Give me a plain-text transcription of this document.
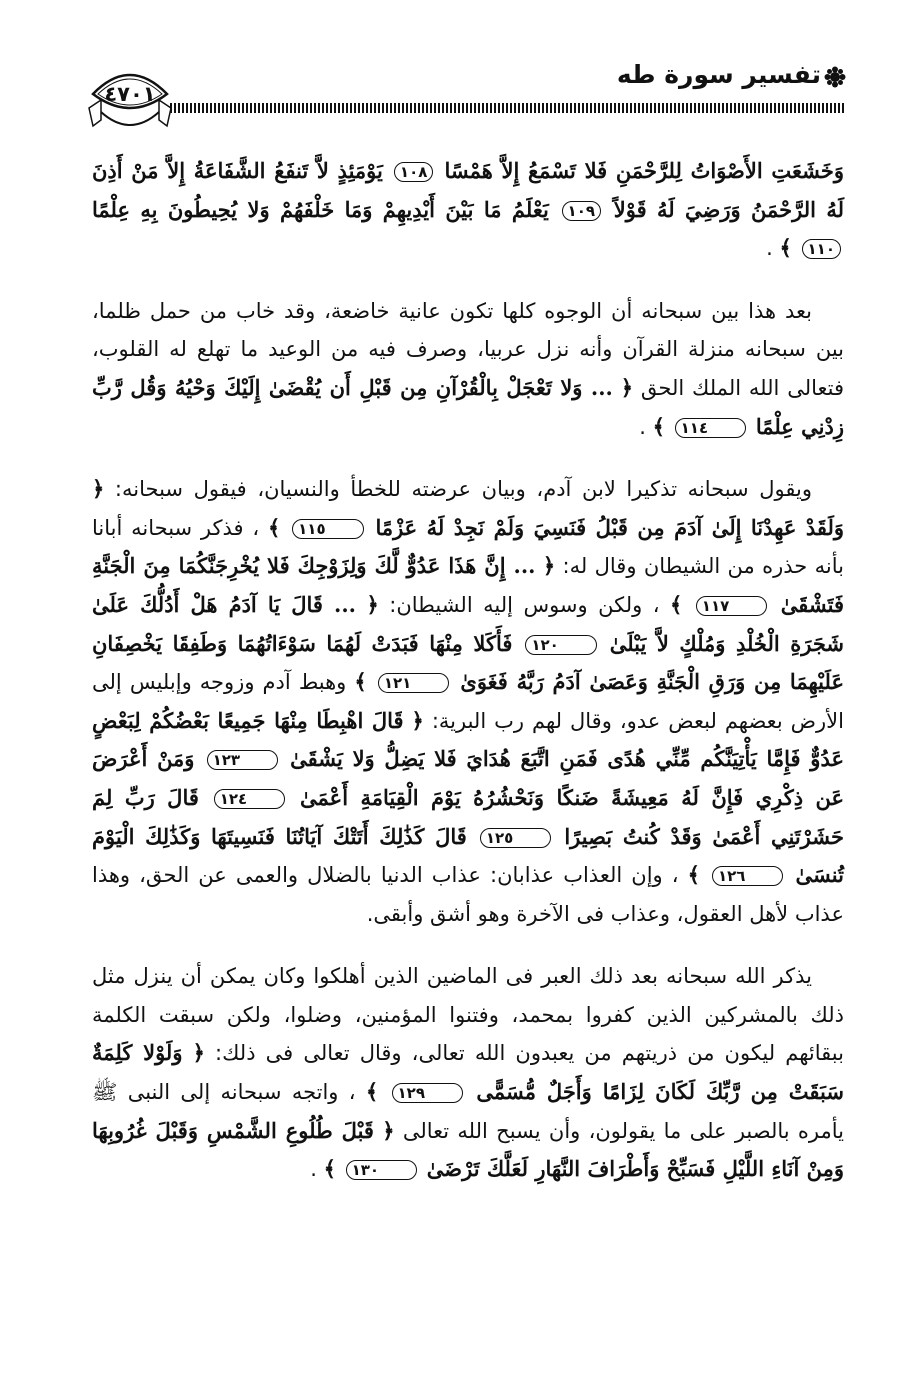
٤٧٠١
تفسير سورة طه

وَخَشَعَتِ الأَصْوَاتُ لِلرَّحْمَنِ فَلا تَسْمَعُ إِلاَّ هَمْسًا ١٠٨ يَوْمَئِذٍ لاَّ تَنفَعُ الشَّفَاعَةُ إِلاَّ مَنْ أَذِنَ لَهُ الرَّحْمَنُ وَرَضِيَ لَهُ قَوْلاً ١٠٩ يَعْلَمُ مَا بَيْنَ أَيْدِيهِمْ وَمَا خَلْفَهُمْ وَلا يُحِيطُونَ بِهِ عِلْمًا ١١٠ ﴾ .

بعد هذا بين سبحانه أن الوجوه كلها تكون عانية خاضعة، وقد خاب من حمل ظلما، بين سبحانه منزلة القرآن وأنه نزل عربيا، وصرف فيه من الوعيد ما تهلع له القلوب، فتعالى الله الملك الحق ﴿ ... وَلا تَعْجَلْ بِالْقُرْآنِ مِن قَبْلِ أَن يُقْضَىٰ إِلَيْكَ وَحْيُهُ وَقُل رَّبِّ زِدْنِي عِلْمًا ١١٤ ﴾ .

ويقول سبحانه تذكيرا لابن آدم، وبيان عرضته للخطأ والنسيان، فيقول سبحانه: ﴿ وَلَقَدْ عَهِدْنَا إِلَىٰ آدَمَ مِن قَبْلُ فَنَسِيَ وَلَمْ نَجِدْ لَهُ عَزْمًا ١١٥ ﴾ ، فذكر سبحانه أبانا بأنه حذره من الشيطان وقال له: ﴿ ... إِنَّ هَذَا عَدُوٌّ لَّكَ وَلِزَوْجِكَ فَلا يُخْرِجَنَّكُمَا مِنَ الْجَنَّةِ فَتَشْقَىٰ ١١٧ ﴾ ، ولكن وسوس إليه الشيطان: ﴿ ... قَالَ يَا آدَمُ هَلْ أَدُلُّكَ عَلَىٰ شَجَرَةِ الْخُلْدِ وَمُلْكٍ لاَّ يَبْلَىٰ ١٢٠ فَأَكَلا مِنْهَا فَبَدَتْ لَهُمَا سَوْءَاتُهُمَا وَطَفِقَا يَخْصِفَانِ عَلَيْهِمَا مِن وَرَقِ الْجَنَّةِ وَعَصَىٰ آدَمُ رَبَّهُ فَغَوَىٰ ١٢١ ﴾ وهبط آدم وزوجه وإبليس إلى الأرض بعضهم لبعض عدو، وقال لهم رب البرية: ﴿ قَالَ اهْبِطَا مِنْهَا جَمِيعًا بَعْضُكُمْ لِبَعْضٍ عَدُوٌّ فَإِمَّا يَأْتِيَنَّكُم مِّنِّي هُدًى فَمَنِ اتَّبَعَ هُدَايَ فَلا يَضِلُّ وَلا يَشْقَىٰ ١٢٣ وَمَنْ أَعْرَضَ عَن ذِكْرِي فَإِنَّ لَهُ مَعِيشَةً ضَنكًا وَنَحْشُرُهُ يَوْمَ الْقِيَامَةِ أَعْمَىٰ ١٢٤ قَالَ رَبِّ لِمَ حَشَرْتَنِي أَعْمَىٰ وَقَدْ كُنتُ بَصِيرًا ١٢٥ قَالَ كَذَٰلِكَ أَتَتْكَ آيَاتُنَا فَنَسِيتَهَا وَكَذَٰلِكَ الْيَوْمَ تُنسَىٰ ١٢٦ ﴾ ، وإن العذاب عذابان: عذاب الدنيا بالضلال والعمى عن الحق، وهذا عذاب لأهل العقول، وعذاب فى الآخرة وهو أشق وأبقى.

يذكر الله سبحانه بعد ذلك العبر فى الماضين الذين أهلكوا وكان يمكن أن ينزل مثل ذلك بالمشركين الذين كفروا بمحمد، وفتنوا المؤمنين، وضلوا، ولكن سبقت الكلمة ببقائهم ليكون من ذريتهم من يعبدون الله تعالى، وقال تعالى فى ذلك: ﴿ وَلَوْلا كَلِمَةٌ سَبَقَتْ مِن رَّبِّكَ لَكَانَ لِزَامًا وَأَجَلٌ مُّسَمًّى ١٢٩ ﴾ ، واتجه سبحانه إلى النبى ﷺ يأمره بالصبر على ما يقولون، وأن يسبح الله تعالى ﴿ قَبْلَ طُلُوعِ الشَّمْسِ وَقَبْلَ غُرُوبِهَا وَمِنْ آنَاءِ اللَّيْلِ فَسَبِّحْ وَأَطْرَافَ النَّهَارِ لَعَلَّكَ تَرْضَىٰ ١٣٠ ﴾ .
